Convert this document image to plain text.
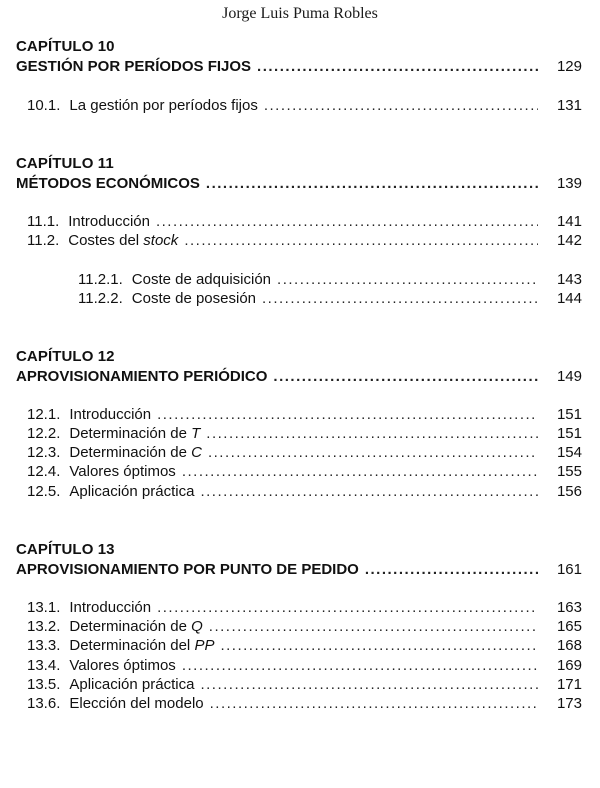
Jorge Luis Puma Robles
CAPÍTULO 10
GESTIÓN POR PERÍODOS FIJOS .....	129
10.1. La gestión por períodos fijos .....	131
CAPÍTULO 11
MÉTODOS ECONÓMICOS .....	139
11.1. Introducción .....	141
11.2. Costes del stock .....	142
11.2.1. Coste de adquisición .....	143
11.2.2. Coste de posesión .....	144
CAPÍTULO 12
APROVISIONAMIENTO PERIÓDICO .....	149
12.1. Introducción .....	151
12.2. Determinación de T .....	151
12.3. Determinación de C .....	154
12.4. Valores óptimos .....	155
12.5. Aplicación práctica .....	156
CAPÍTULO 13
APROVISIONAMIENTO POR PUNTO DE PEDIDO .....	161
13.1. Introducción .....	163
13.2. Determinación de Q .....	165
13.3. Determinación del PP .....	168
13.4. Valores óptimos .....	169
13.5. Aplicación práctica .....	171
13.6. Elección del modelo .....	173
